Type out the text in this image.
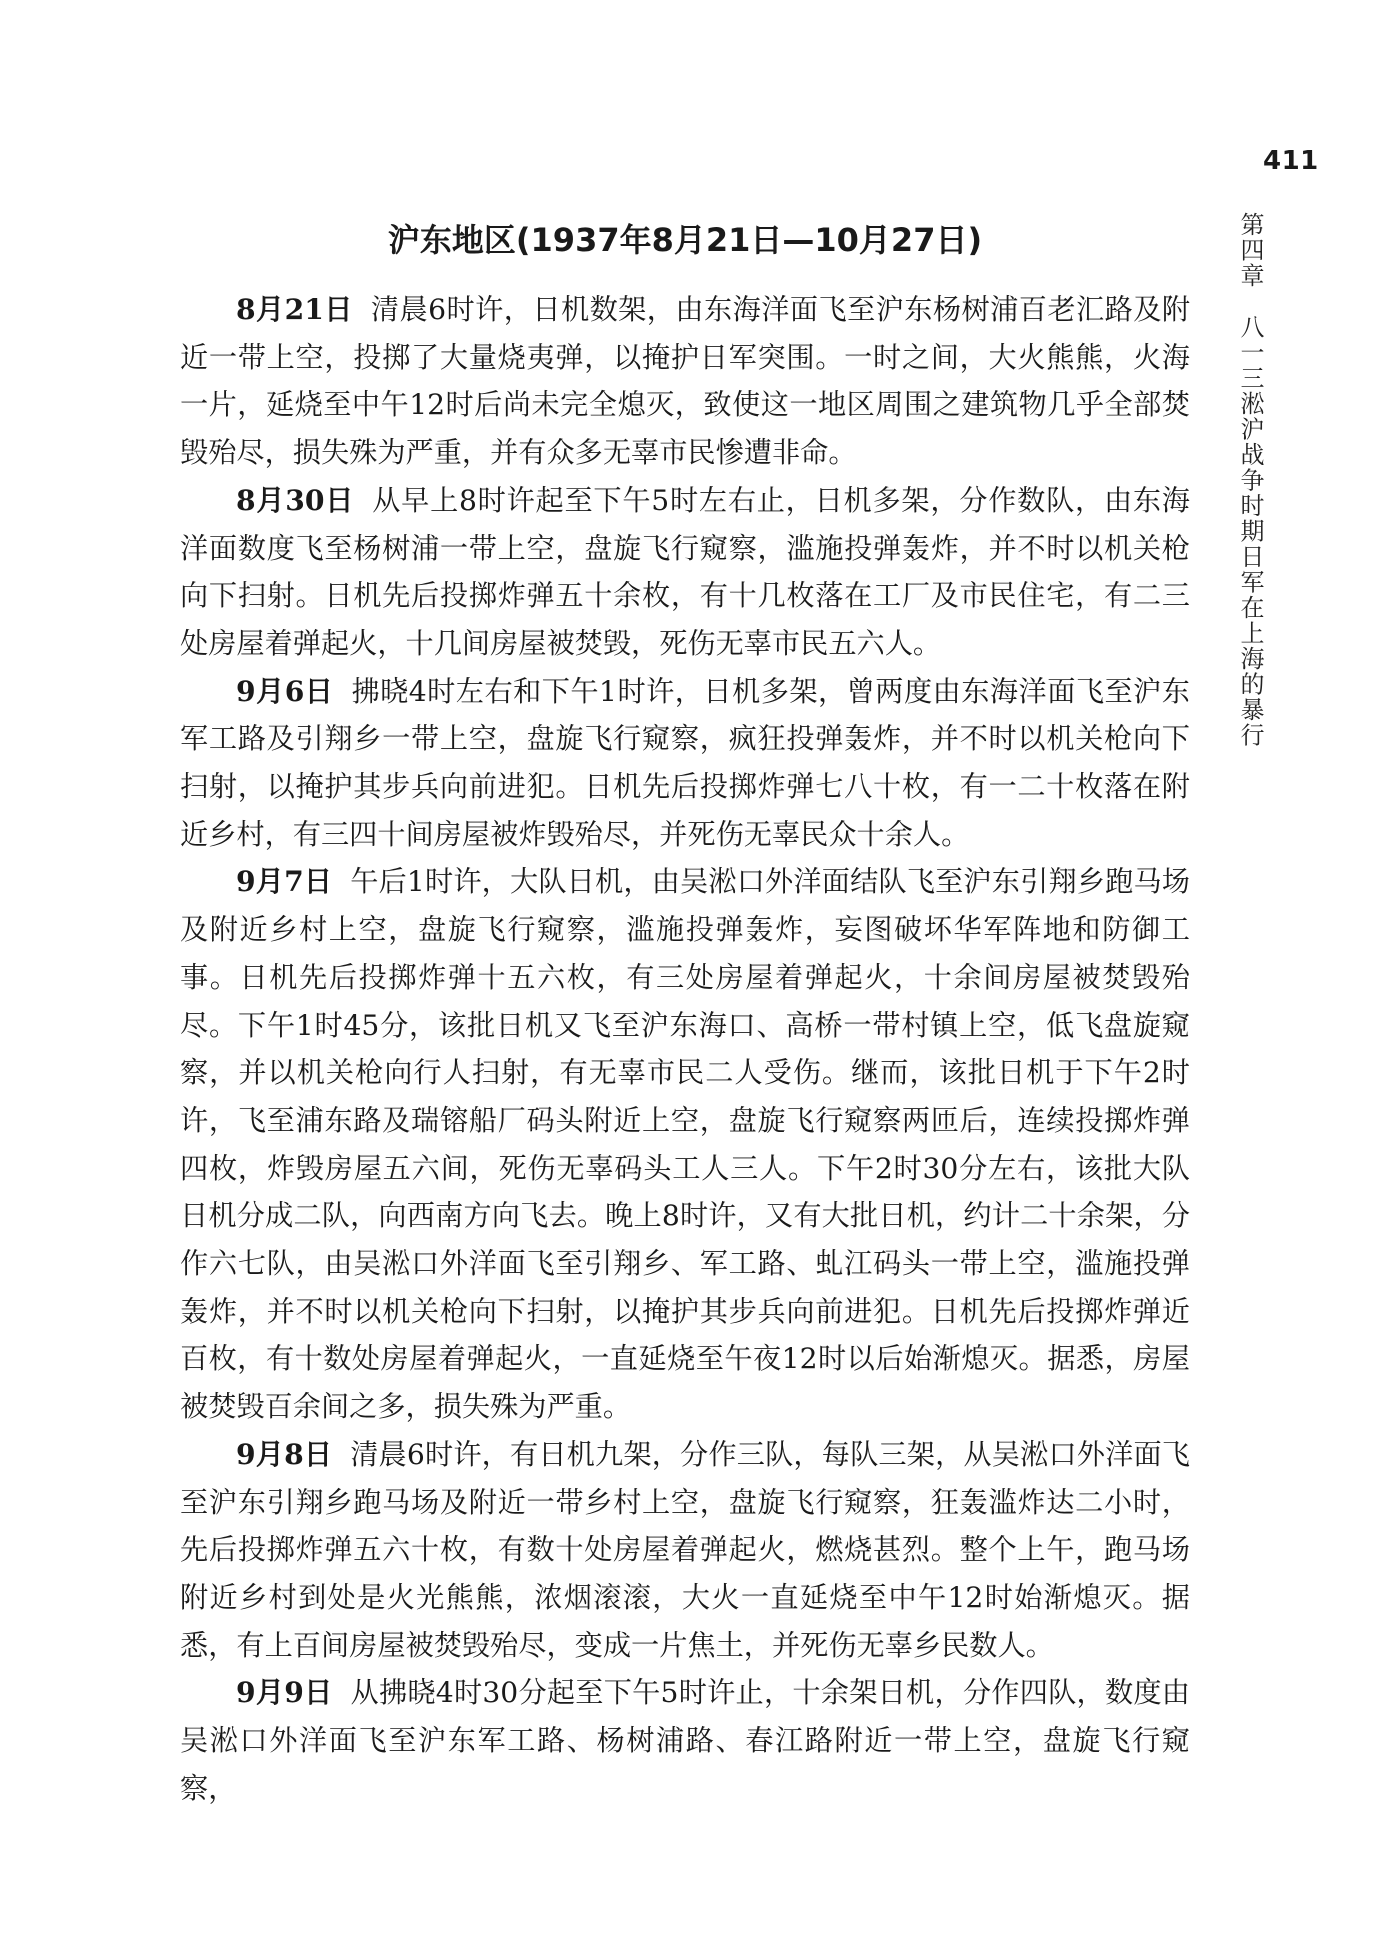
411
第四章八一三淞沪战争时期日军在上海的暴行
沪东地区(1937年8月21日—10月27日)

8月21日 清晨6时许，日机数架，由东海洋面飞至沪东杨树浦百老汇路及附近一带上空，投掷了大量烧夷弹，以掩护日军突围。一时之间，大火熊熊，火海一片，延烧至中午12时后尚未完全熄灭，致使这一地区周围之建筑物几乎全部焚毁殆尽，损失殊为严重，并有众多无辜市民惨遭非命。

8月30日 从早上8时许起至下午5时左右止，日机多架，分作数队，由东海洋面数度飞至杨树浦一带上空，盘旋飞行窥察，滥施投弹轰炸，并不时以机关枪向下扫射。日机先后投掷炸弹五十余枚，有十几枚落在工厂及市民住宅，有二三处房屋着弹起火，十几间房屋被焚毁，死伤无辜市民五六人。

9月6日 拂晓4时左右和下午1时许，日机多架，曾两度由东海洋面飞至沪东军工路及引翔乡一带上空，盘旋飞行窥察，疯狂投弹轰炸，并不时以机关枪向下扫射，以掩护其步兵向前进犯。日机先后投掷炸弹七八十枚，有一二十枚落在附近乡村，有三四十间房屋被炸毁殆尽，并死伤无辜民众十余人。

9月7日 午后1时许，大队日机，由吴淞口外洋面结队飞至沪东引翔乡跑马场及附近乡村上空，盘旋飞行窥察，滥施投弹轰炸，妄图破坏华军阵地和防御工事。日机先后投掷炸弹十五六枚，有三处房屋着弹起火，十余间房屋被焚毁殆尽。下午1时45分，该批日机又飞至沪东海口、高桥一带村镇上空，低飞盘旋窥察，并以机关枪向行人扫射，有无辜市民二人受伤。继而，该批日机于下午2时许，飞至浦东路及瑞镕船厂码头附近上空，盘旋飞行窥察两匝后，连续投掷炸弹四枚，炸毁房屋五六间，死伤无辜码头工人三人。下午2时30分左右，该批大队日机分成二队，向西南方向飞去。晚上8时许，又有大批日机，约计二十余架，分作六七队，由吴淞口外洋面飞至引翔乡、军工路、虬江码头一带上空，滥施投弹轰炸，并不时以机关枪向下扫射，以掩护其步兵向前进犯。日机先后投掷炸弹近百枚，有十数处房屋着弹起火，一直延烧至午夜12时以后始渐熄灭。据悉，房屋被焚毁百余间之多，损失殊为严重。

9月8日 清晨6时许，有日机九架，分作三队，每队三架，从吴淞口外洋面飞至沪东引翔乡跑马场及附近一带乡村上空，盘旋飞行窥察，狂轰滥炸达二小时，先后投掷炸弹五六十枚，有数十处房屋着弹起火，燃烧甚烈。整个上午，跑马场附近乡村到处是火光熊熊，浓烟滚滚，大火一直延烧至中午12时始渐熄灭。据悉，有上百间房屋被焚毁殆尽，变成一片焦土，并死伤无辜乡民数人。

9月9日 从拂晓4时30分起至下午5时许止，十余架日机，分作四队，数度由吴淞口外洋面飞至沪东军工路、杨树浦路、春江路附近一带上空，盘旋飞行窥察，
